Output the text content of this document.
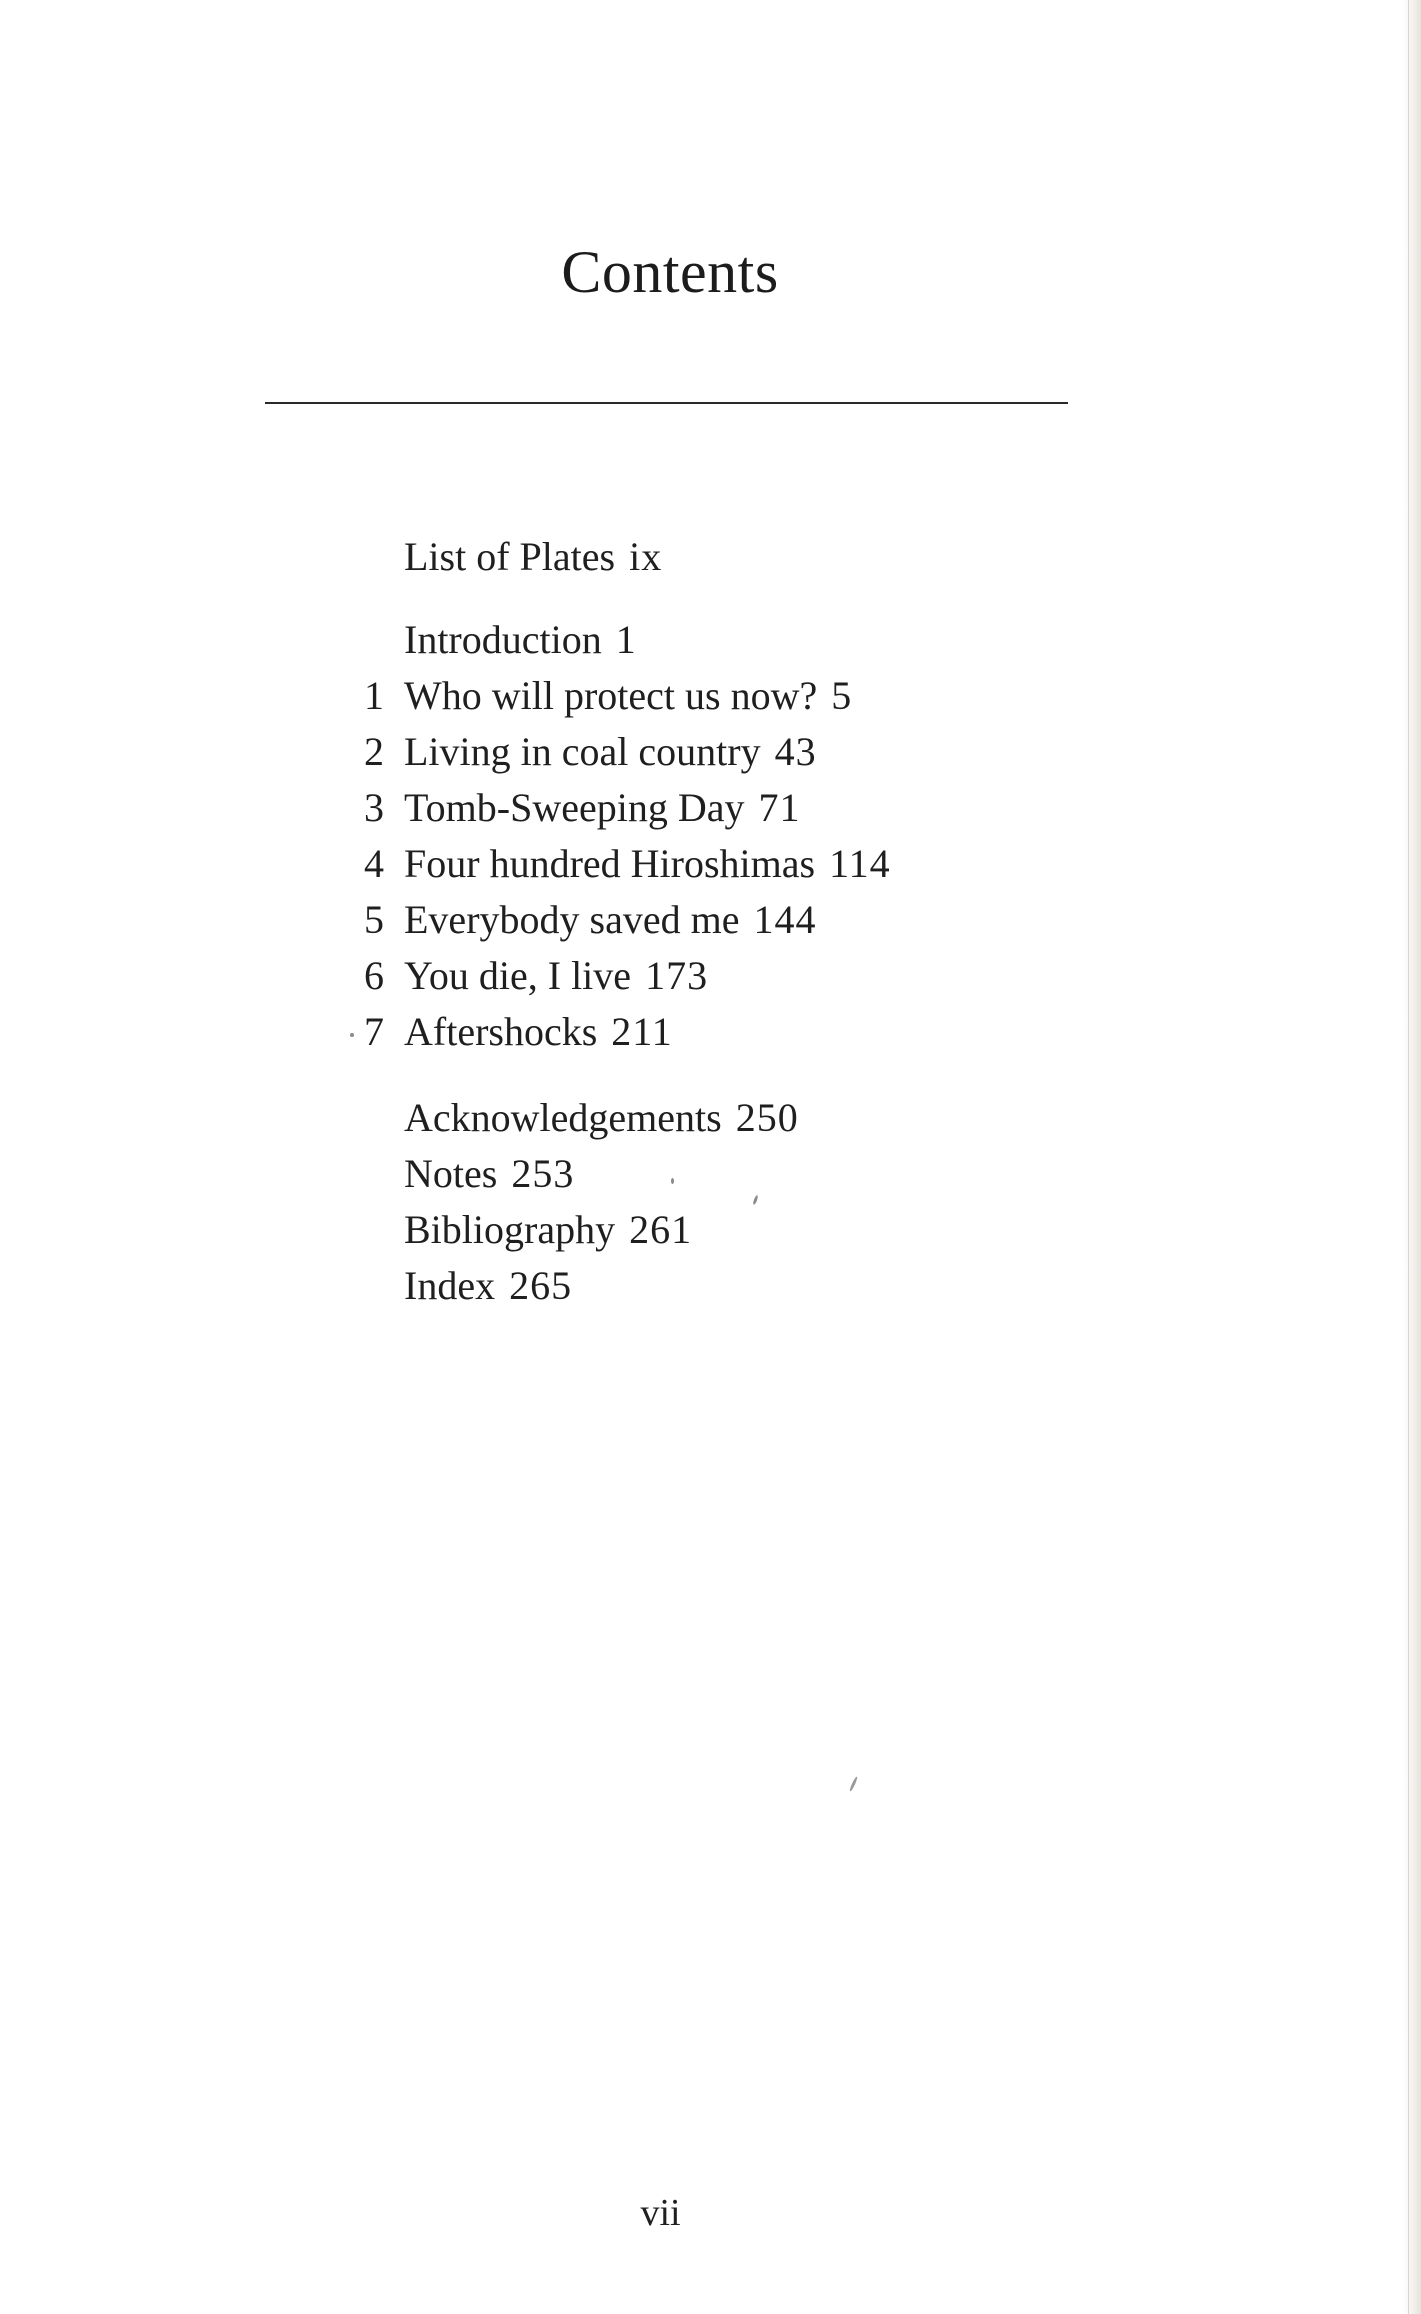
Contents
List of Plates ix
Introduction 1
1 Who will protect us now? 5
2 Living in coal country 43
3 Tomb-Sweeping Day 71
4 Four hundred Hiroshimas 114
5 Everybody saved me 144
6 You die, I live 173
7 Aftershocks 211
Acknowledgements 250
Notes 253
Bibliography 261
Index 265
vii
